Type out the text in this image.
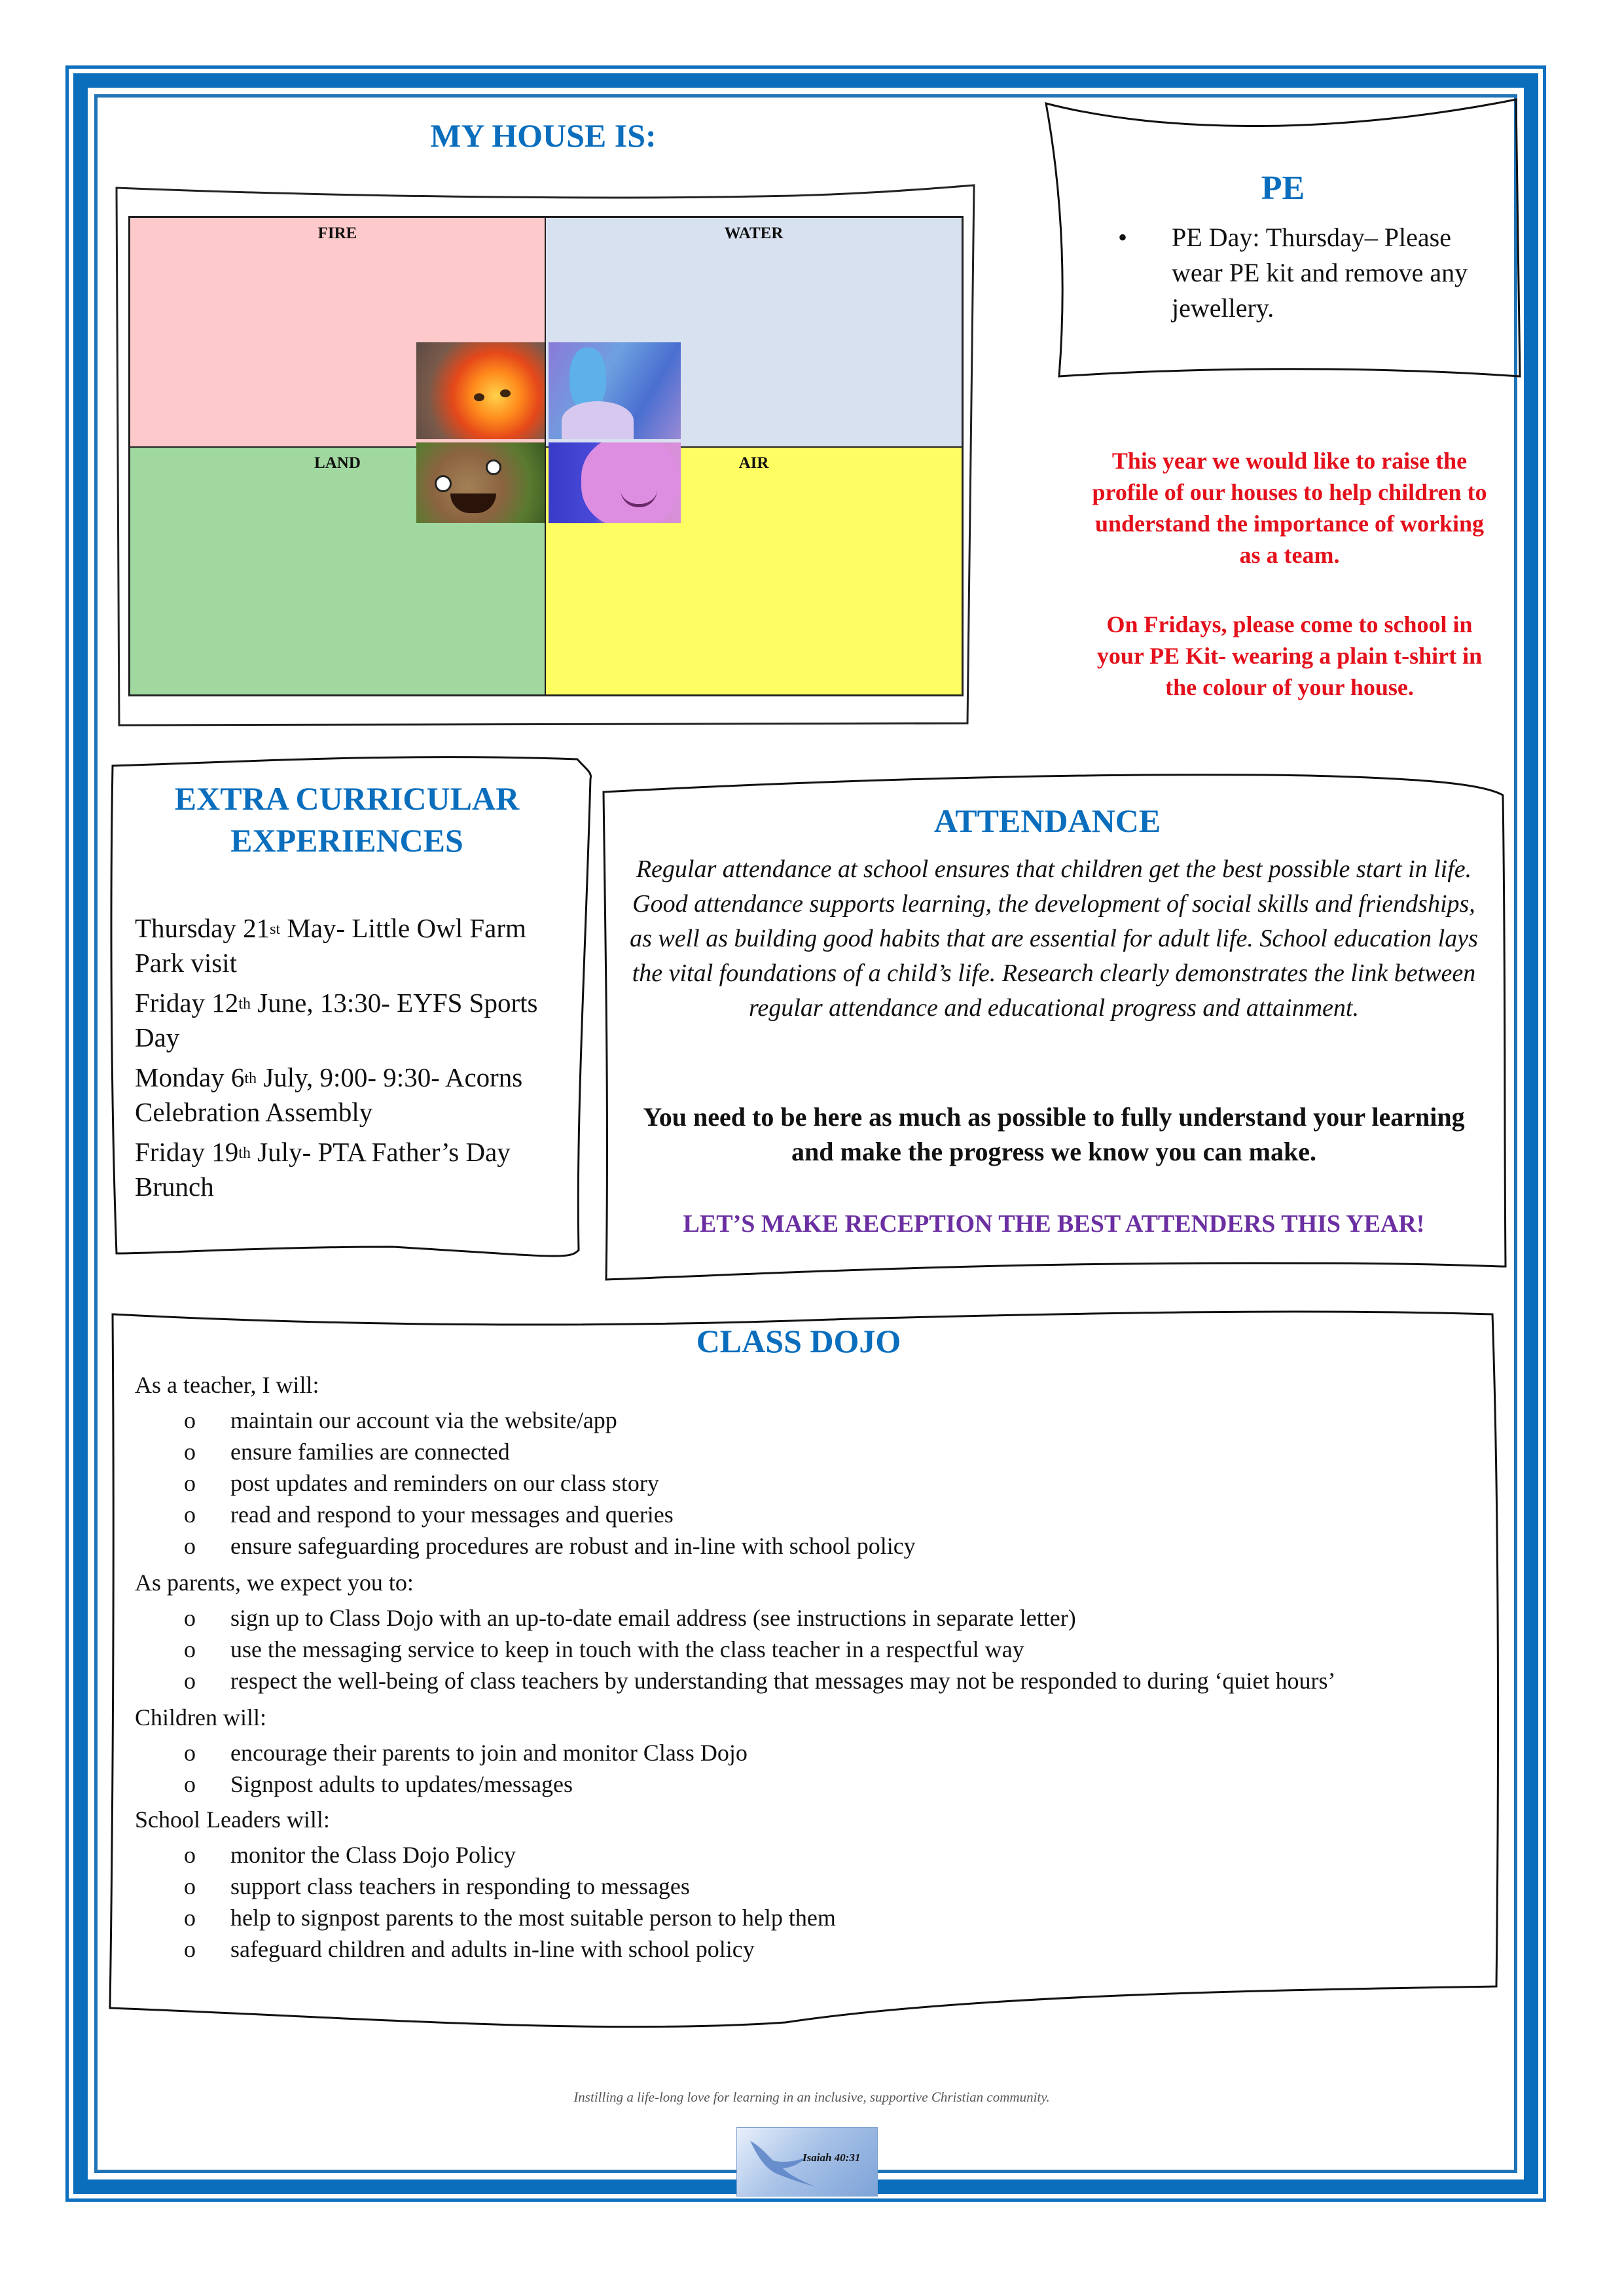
MY HOUSE IS:
FIRE	WATER
LAND	AIR
PE
• PE Day: Thursday– Please wear PE kit and remove any jewellery.
This year we would like to raise the profile of our houses to help children to understand the importance of working as a team.
On Fridays, please come to school in your PE Kit- wearing a plain t-shirt in the colour of your house.
EXTRA CURRICULAR
EXPERIENCES

Thursday 21st May- Little Owl Farm Park visit

Friday 12th June, 13:30- EYFS Sports Day

Monday 6th July, 9:00- 9:30- Acorns Celebration Assembly

Friday 19th July- PTA Father’s Day Brunch

ATTENDANCE
Regular attendance at school ensures that children get the best possible start in life. Good attendance supports learning, the development of social skills and friendships, as well as building good habits that are essential for adult life. School education lays the vital foundations of a child’s life. Research clearly demonstrates the link between regular attendance and educational progress and attainment.
You need to be here as much as possible to fully understand your learning and make the progress we know you can make.
LET’S MAKE RECEPTION THE BEST ATTENDERS THIS YEAR!
CLASS DOJO
As a teacher, I will:
o maintain our account via the website/app
o ensure families are connected
o post updates and reminders on our class story
o read and respond to your messages and queries
o ensure safeguarding procedures are robust and in-line with school policy
As parents, we expect you to:
o sign up to Class Dojo with an up-to-date email address (see instructions in separate letter)
o use the messaging service to keep in touch with the class teacher in a respectful way
o respect the well-being of class teachers by understanding that messages may not be responded to during ‘quiet hours’
Children will:
o encourage their parents to join and monitor Class Dojo
o Signpost adults to updates/messages
School Leaders will:
o monitor the Class Dojo Policy
o support class teachers in responding to messages
o help to signpost parents to the most suitable person to help them
o safeguard children and adults in-line with school policy
Instilling a life-long love for learning in an inclusive, supportive Christian community.
Isaiah 40:31
